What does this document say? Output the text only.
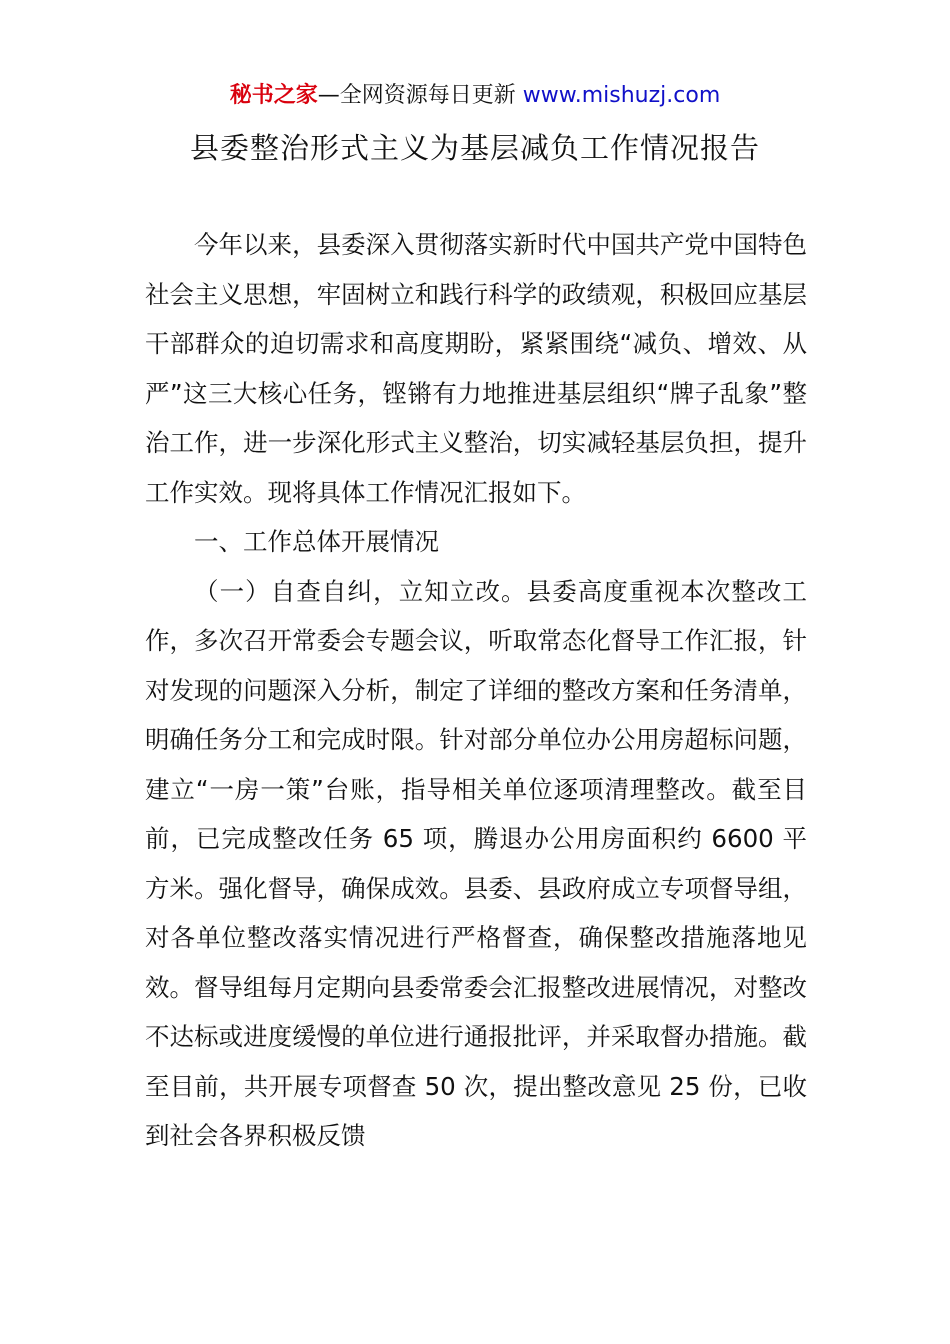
秘书之家—全网资源每日更新 www.mishuzj.com
县委整治形式主义为基层减负工作情况报告

今年以来，县委深入贯彻落实新时代中国共产党中国特色社会主义思想，牢固树立和践行科学的政绩观，积极回应基层干部群众的迫切需求和高度期盼，紧紧围绕“减负、增效、从严”这三大核心任务，铿锵有力地推进基层组织“牌子乱象”整治工作，进一步深化形式主义整治，切实减轻基层负担，提升工作实效。现将具体工作情况汇报如下。

一、工作总体开展情况

（一）自查自纠，立知立改。县委高度重视本次整改工作，多次召开常委会专题会议，听取常态化督导工作汇报，针对发现的问题深入分析，制定了详细的整改方案和任务清单，明确任务分工和完成时限。针对部分单位办公用房超标问题，建立“一房一策”台账，指导相关单位逐项清理整改。截至目前，已完成整改任务 65 项，腾退办公用房面积约 6600 平方米。强化督导，确保成效。县委、县政府成立专项督导组，对各单位整改落实情况进行严格督查，确保整改措施落地见效。督导组每月定期向县委常委会汇报整改进展情况，对整改不达标或进度缓慢的单位进行通报批评，并采取督办措施。截至目前，共开展专项督查 50 次，提出整改意见 25 份，已收到社会各界积极反馈
